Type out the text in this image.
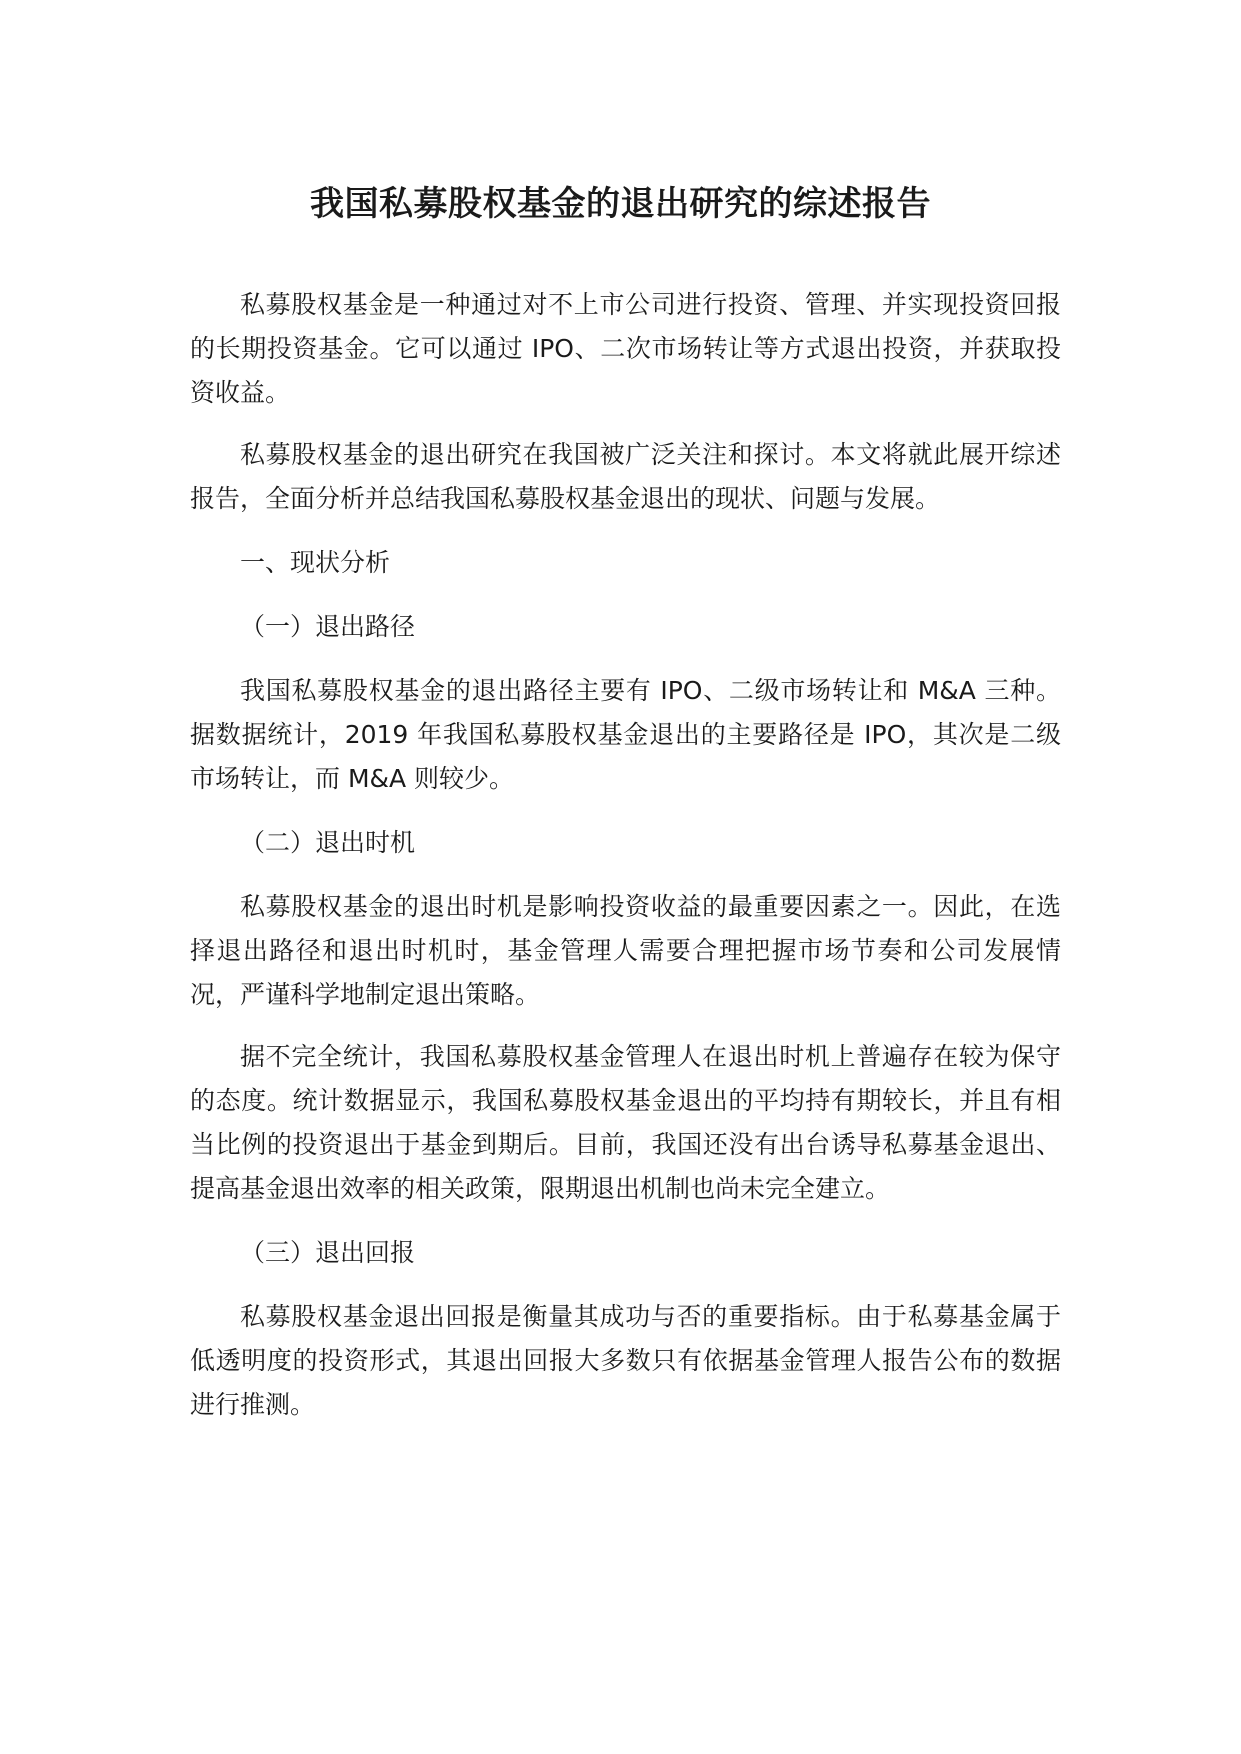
我国私募股权基金的退出研究的综述报告

私募股权基金是一种通过对不上市公司进行投资、管理、并实现投资回报的长期投资基金。它可以通过 IPO、二次市场转让等方式退出投资，并获取投资收益。

私募股权基金的退出研究在我国被广泛关注和探讨。本文将就此展开综述报告，全面分析并总结我国私募股权基金退出的现状、问题与发展。

一、现状分析

（一）退出路径

我国私募股权基金的退出路径主要有 IPO、二级市场转让和 M&A 三种。据数据统计，2019 年我国私募股权基金退出的主要路径是 IPO，其次是二级市场转让，而 M&A 则较少。

（二）退出时机

私募股权基金的退出时机是影响投资收益的最重要因素之一。因此，在选择退出路径和退出时机时，基金管理人需要合理把握市场节奏和公司发展情况，严谨科学地制定退出策略。

据不完全统计，我国私募股权基金管理人在退出时机上普遍存在较为保守的态度。统计数据显示，我国私募股权基金退出的平均持有期较长，并且有相当比例的投资退出于基金到期后。目前，我国还没有出台诱导私募基金退出、提高基金退出效率的相关政策，限期退出机制也尚未完全建立。

（三）退出回报

私募股权基金退出回报是衡量其成功与否的重要指标。由于私募基金属于低透明度的投资形式，其退出回报大多数只有依据基金管理人报告公布的数据进行推测。
